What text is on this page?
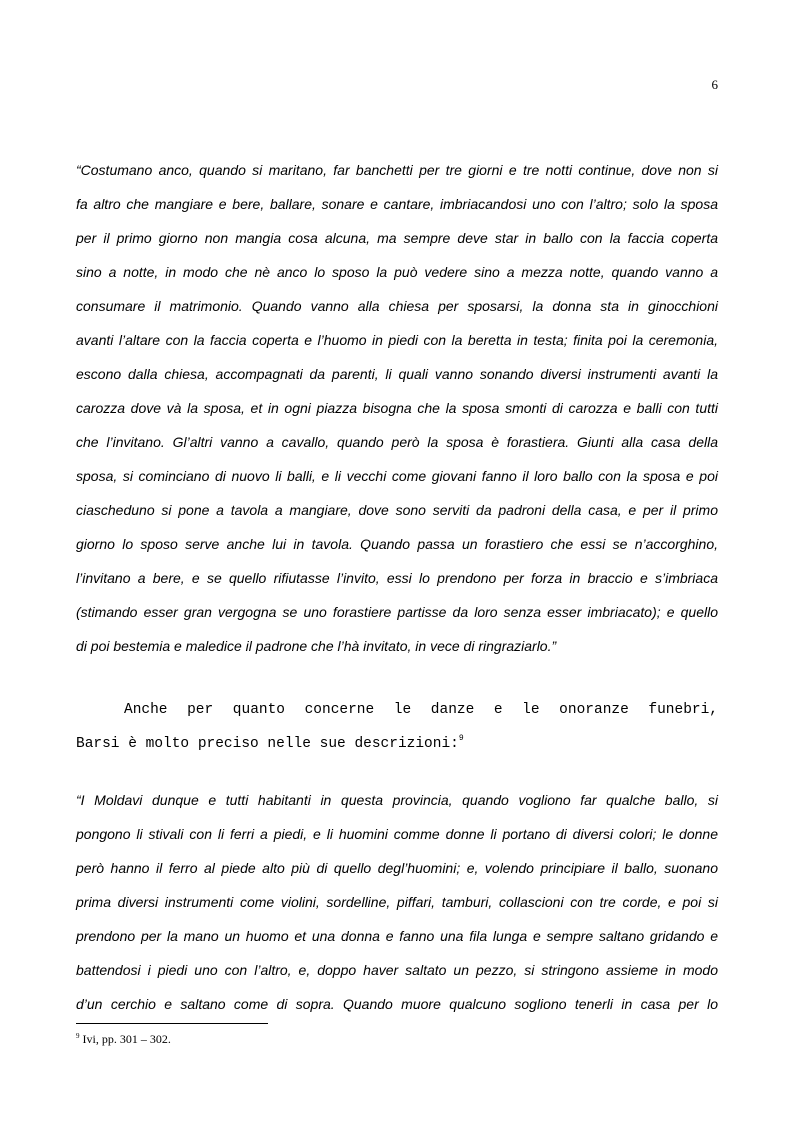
6
“Costumano anco, quando si maritano, far banchetti per tre giorni e tre notti continue, dove non si
fa altro che mangiare e bere, ballare, sonare e cantare, imbriacandosi uno con l’altro; solo la sposa
per il primo giorno non mangia cosa alcuna, ma sempre deve star in ballo con la faccia coperta
sino a notte, in modo che nè anco lo sposo la può vedere sino a mezza notte, quando vanno a
consumare il matrimonio. Quando vanno alla chiesa per sposarsi, la donna sta in ginocchioni
avanti l’altare con la faccia coperta e l’huomo in piedi con la beretta in testa; finita poi la ceremonia,
escono dalla chiesa, accompagnati da parenti, li quali vanno sonando diversi instrumenti avanti la
carozza dove và la sposa, et in ogni piazza bisogna che la sposa smonti di carozza e balli con tutti
che l’invitano. Gl’altri vanno a cavallo, quando però la sposa è forastiera. Giunti alla casa della
sposa, si cominciano di nuovo li balli, e li vecchi come giovani fanno il loro ballo con la sposa e poi
ciascheduno si pone a tavola a mangiare, dove sono serviti da padroni della casa, e per il primo
giorno lo sposo serve anche lui in tavola. Quando passa un forastiero che essi se n’accorghino,
l’invitano a bere, e se quello rifiutasse l’invito, essi lo prendono per forza in braccio e s’imbriaca
(stimando esser gran vergogna se uno forastiere partisse da loro senza esser imbriacato); e quello
di poi bestemia e maledice il padrone che l’hà invitato, in vece di ringraziarlo.”
Anche per quanto concerne le danze e le onoranze funebri,
Barsi è molto preciso nelle sue descrizioni:$^9$
“I Moldavi dunque e tutti habitanti in questa provincia, quando vogliono far qualche ballo, si
pongono li stivali con li ferri a piedi, e li huomini comme donne li portano di diversi colori; le donne
però hanno il ferro al piede alto più di quello degl’huomini; e, volendo principiare il ballo, suonano
prima diversi instrumenti come violini, sordelline, piffari, tamburi, collascioni con tre corde, e poi si
prendono per la mano un huomo et una donna e fanno una fila lunga e sempre saltano gridando e
battendosi i piedi uno con l’altro, e, doppo haver saltato un pezzo, si stringono assieme in modo
d’un cerchio e saltano come di sopra. Quando muore qualcuno sogliono tenerli in casa per lo
$^9$ Ivi, pp. 301 – 302.
